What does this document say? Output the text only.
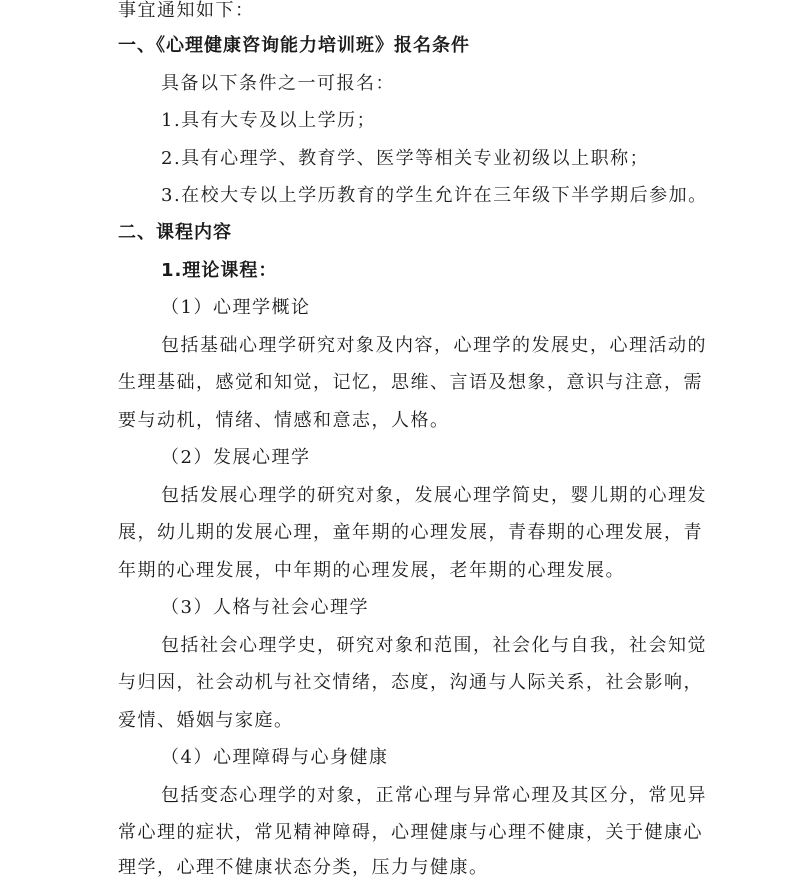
事宜通知如下：
一、《心理健康咨询能力培训班》报名条件
具备以下条件之一可报名：
1.具有大专及以上学历；
2.具有心理学、教育学、医学等相关专业初级以上职称；
3.在校大专以上学历教育的学生允许在三年级下半学期后参加。
二、课程内容
1.理论课程：
（1）心理学概论
包括基础心理学研究对象及内容，心理学的发展史，心理活动的
生理基础，感觉和知觉，记忆，思维、言语及想象，意识与注意，需
要与动机，情绪、情感和意志，人格。
（2）发展心理学
包括发展心理学的研究对象，发展心理学简史，婴儿期的心理发
展，幼儿期的发展心理，童年期的心理发展，青春期的心理发展，青
年期的心理发展，中年期的心理发展，老年期的心理发展。
（3）人格与社会心理学
包括社会心理学史，研究对象和范围，社会化与自我，社会知觉
与归因，社会动机与社交情绪，态度，沟通与人际关系，社会影响，
爱情、婚姻与家庭。
（4）心理障碍与心身健康
包括变态心理学的对象，正常心理与异常心理及其区分，常见异
常心理的症状，常见精神障碍，心理健康与心理不健康，关于健康心
理学，心理不健康状态分类，压力与健康。
